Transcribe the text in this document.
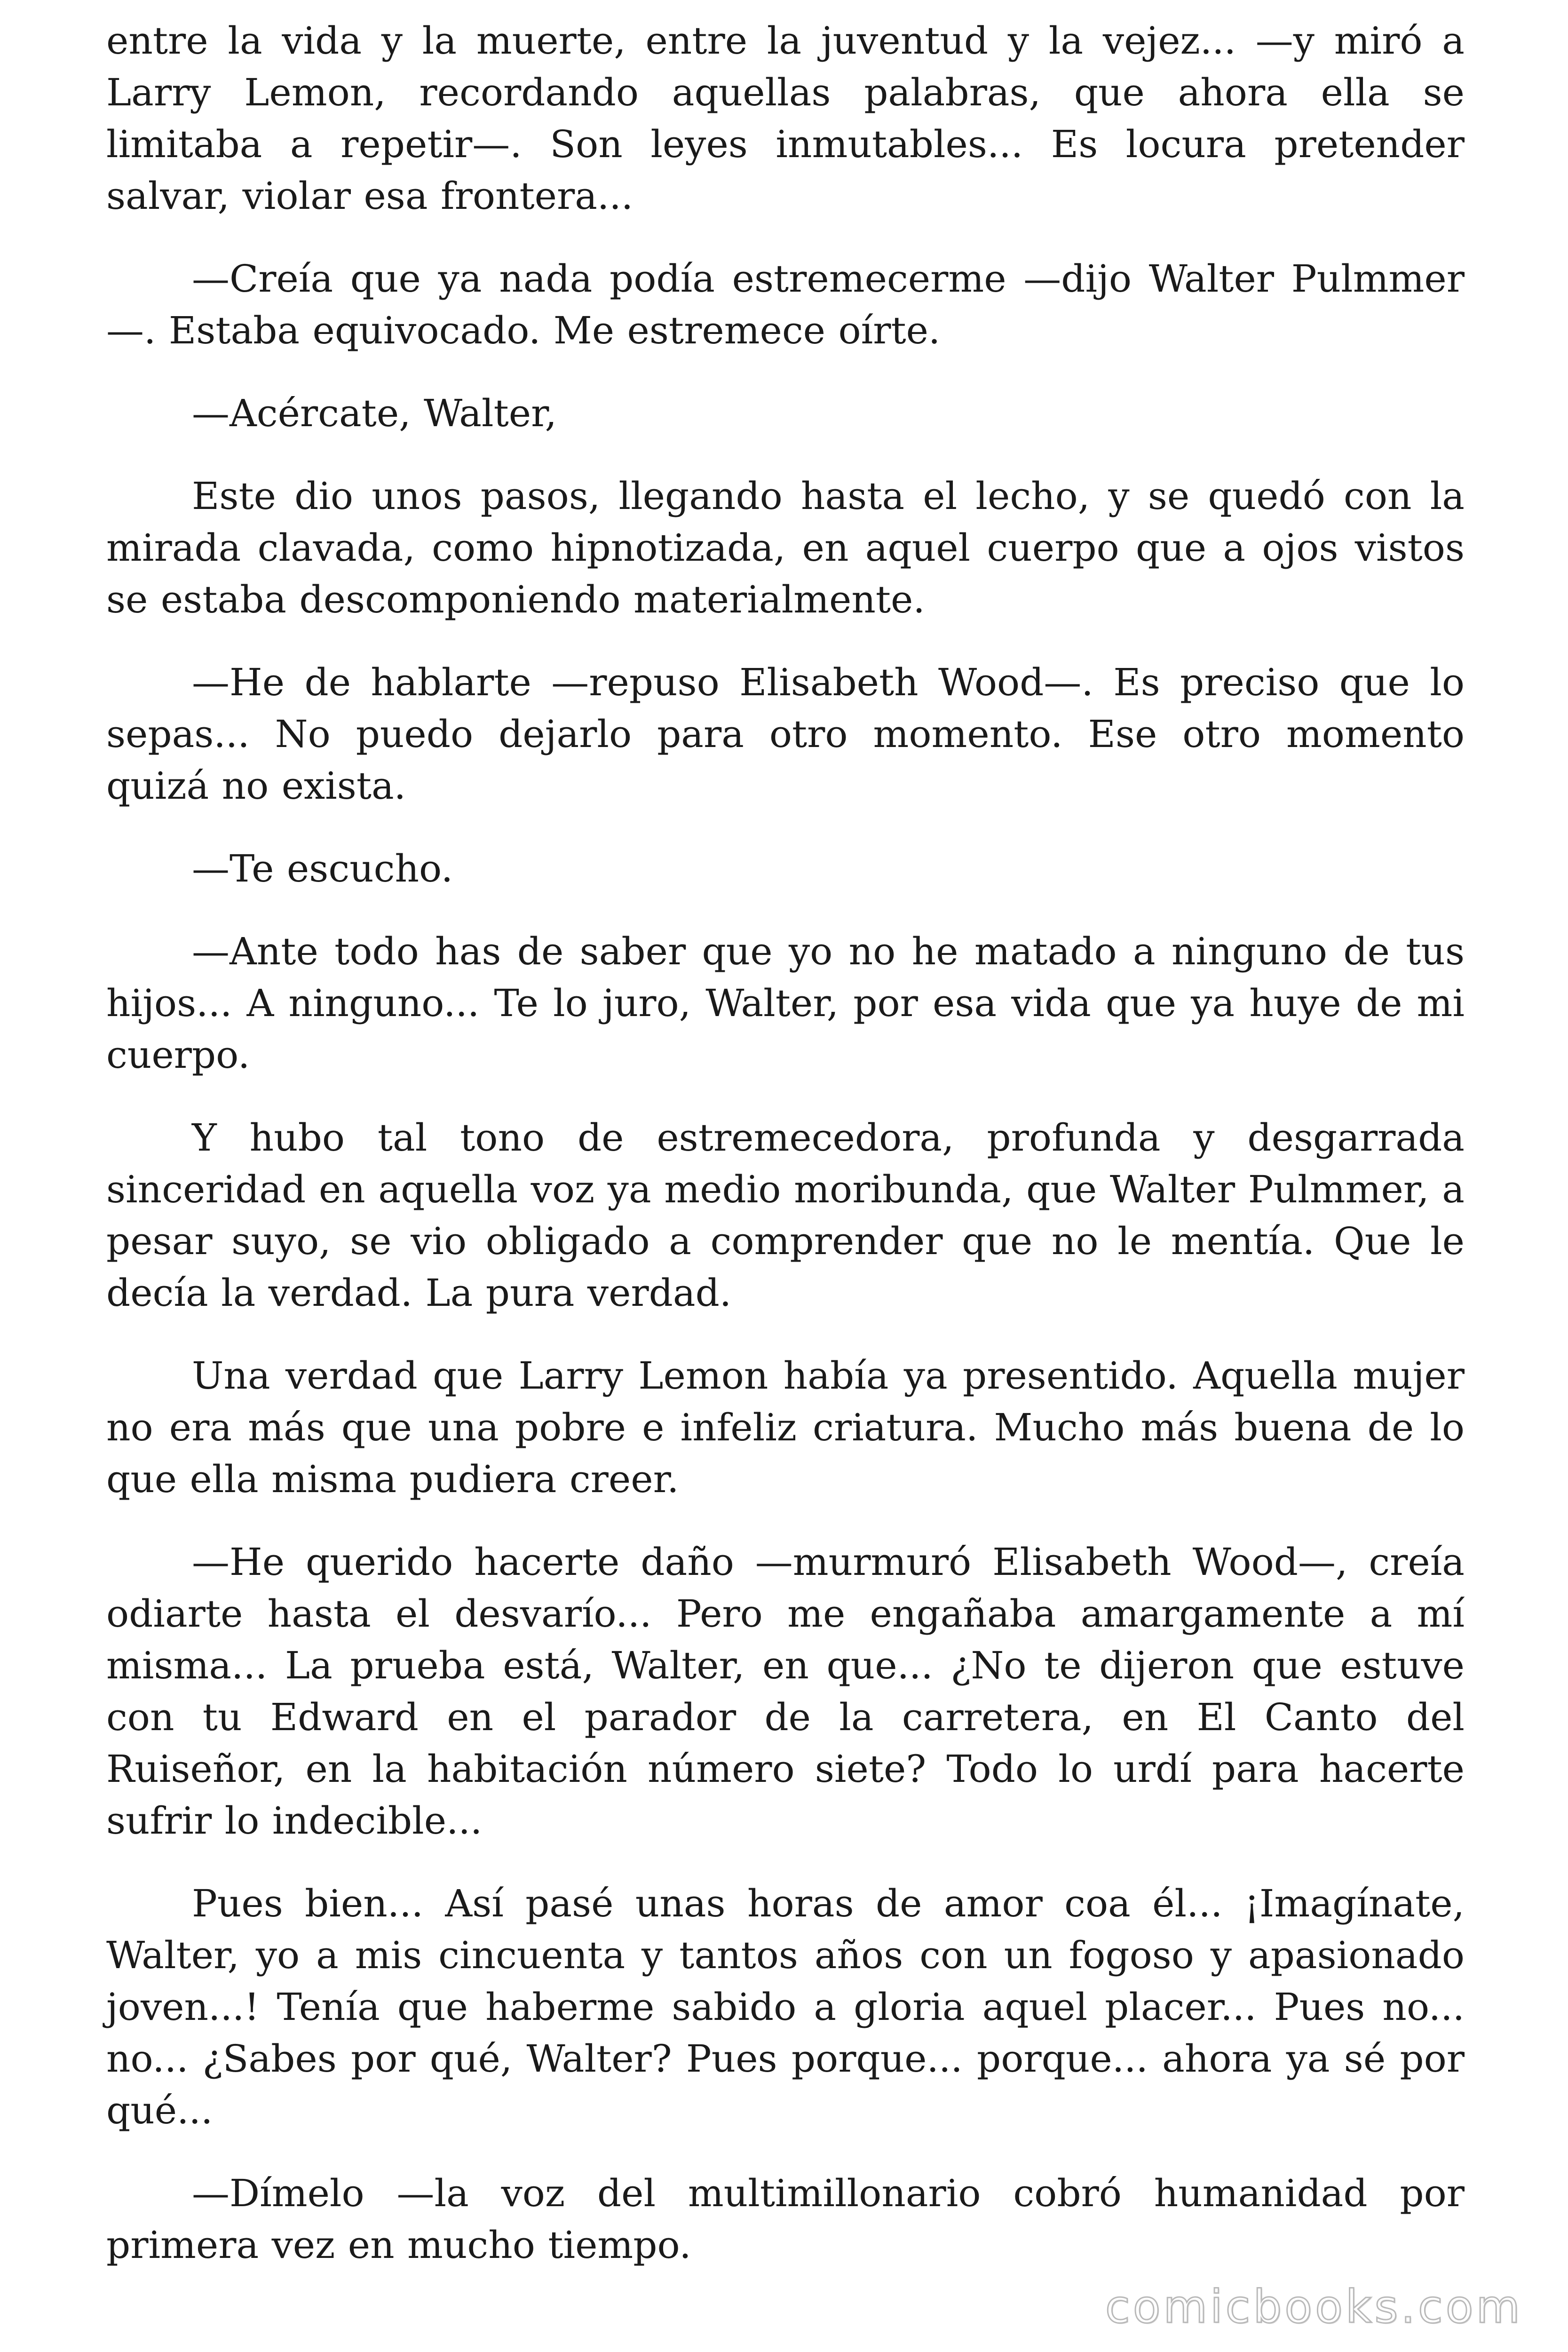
entre la vida y la muerte, entre la juventud y la vejez... —y miró a Larry Lemon, recordando aquellas palabras, que ahora ella se limitaba a repetir—. Son leyes inmutables... Es locura pretender salvar, violar esa frontera...

—Creía que ya nada podía estremecerme —dijo Walter Pulmmer —. Estaba equivocado. Me estremece oírte.

—Acércate, Walter,

Este dio unos pasos, llegando hasta el lecho, y se quedó con la mirada clavada, como hipnotizada, en aquel cuerpo que a ojos vistos se estaba descomponiendo materialmente.

—He de hablarte —repuso Elisabeth Wood—. Es preciso que lo sepas... No puedo dejarlo para otro momento. Ese otro momento quizá no exista.

—Te escucho.

—Ante todo has de saber que yo no he matado a ninguno de tus hijos... A ninguno... Te lo juro, Walter, por esa vida que ya huye de mi cuerpo.

Y hubo tal tono de estremecedora, profunda y desgarrada sinceridad en aquella voz ya medio moribunda, que Walter Pulmmer, a pesar suyo, se vio obligado a comprender que no le mentía. Que le decía la verdad. La pura verdad.

Una verdad que Larry Lemon había ya presentido. Aquella mujer no era más que una pobre e infeliz criatura. Mucho más buena de lo que ella misma pudiera creer.

—He querido hacerte daño —murmuró Elisabeth Wood—, creía odiarte hasta el desvarío... Pero me engañaba amargamente a mí misma... La prueba está, Walter, en que... ¿No te dijeron que estuve con tu Edward en el parador de la carretera, en El Canto del Ruiseñor, en la habitación número siete? Todo lo urdí para hacerte sufrir lo indecible...

Pues bien... Así pasé unas horas de amor coa él... ¡Imagínate, Walter, yo a mis cincuenta y tantos años con un fogoso y apasionado joven...! Tenía que haberme sabido a gloria aquel placer... Pues no... no... ¿Sabes por qué, Walter? Pues porque... porque... ahora ya sé por qué...

—Dímelo —la voz del multimillonario cobró humanidad por primera vez en mucho tiempo.

comicbooks.com
